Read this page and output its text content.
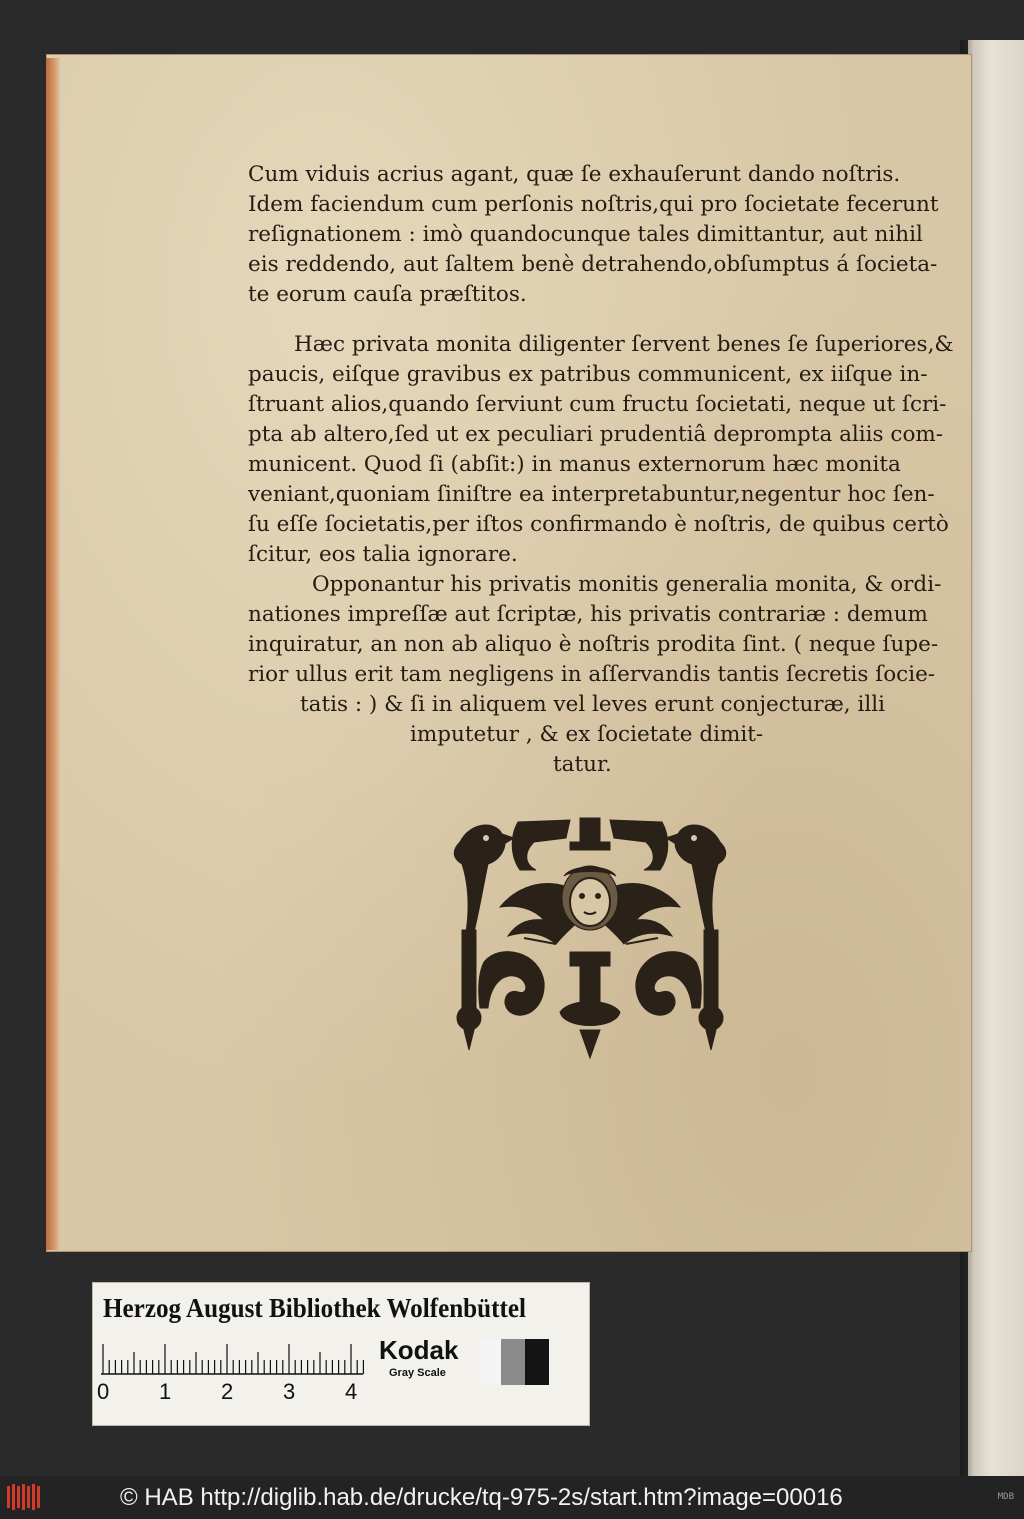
Cum viduis acrius agant, quæ ſe exhauſerunt dando noſtris.
Idem faciendum cum perſonis noſtris,qui pro ſocietate fecerunt
reſignationem : imò quandocunque tales dimittantur, aut nihil
eis reddendo, aut ſaltem benè detrahendo,obſumptus á ſocieta-
te eorum cauſa præſtitos.
Hæc privata monita diligenter ſervent benes ſe ſuperiores,&
paucis, eiſque gravibus ex patribus communicent, ex iiſque in-
ſtruant alios,quando ſerviunt cum fructu ſocietati, neque ut ſcri-
pta ab altero,ſed ut ex peculiari prudentiâ deprompta aliis com-
municent. Quod ſi (abſit:) in manus externorum hæc monita
veniant,quoniam ſiniſtre ea interpretabuntur,negentur hoc ſen-
ſu eſſe ſocietatis,per iſtos confirmando è noſtris, de quibus certò
ſcitur, eos talia ignorare.
Opponantur his privatis monitis generalia monita, & ordi-
nationes impreſſæ aut ſcriptæ, his privatis contrariæ : demum
inquiratur, an non ab aliquo è noſtris prodita ſint. ( neque ſupe-
rior ullus erit tam negligens in aſſervandis tantis ſecretis ſocie-
tatis : ) & ſi in aliquem vel leves erunt conjecturæ, illi
imputetur , & ex ſocietate dimit-
tatur.
Herzog August Bibliothek Wolfenbüttel
0 1 2 3 4
Kodak
Gray Scale
© HAB http://diglib.hab.de/drucke/tq-975-2s/start.htm?image=00016	MDB
